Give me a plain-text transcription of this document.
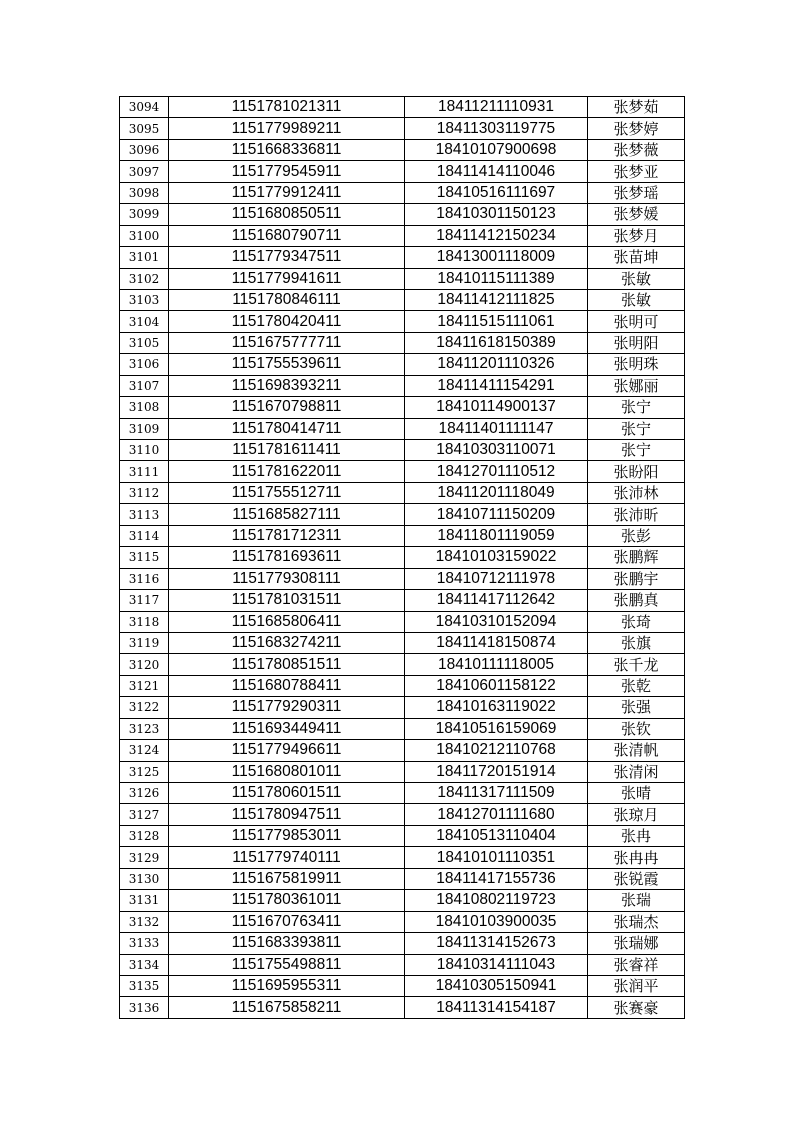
3094	1151781021311	18411211110931	张梦茹
3095	1151779989211	18411303119775	张梦婷
3096	1151668336811	18410107900698	张梦薇
3097	1151779545911	18411414110046	张梦亚
3098	1151779912411	18410516111697	张梦瑶
3099	1151680850511	18410301150123	张梦媛
3100	1151680790711	18411412150234	张梦月
3101	1151779347511	18413001118009	张苗坤
3102	1151779941611	18410115111389	张敏
3103	1151780846111	18411412111825	张敏
3104	1151780420411	18411515111061	张明可
3105	1151675777711	18411618150389	张明阳
3106	1151755539611	18411201110326	张明珠
3107	1151698393211	18411411154291	张娜丽
3108	1151670798811	18410114900137	张宁
3109	1151780414711	18411401111147	张宁
3110	1151781611411	18410303110071	张宁
3111	1151781622011	18412701110512	张盼阳
3112	1151755512711	18411201118049	张沛林
3113	1151685827111	18410711150209	张沛昕
3114	1151781712311	18411801119059	张彭
3115	1151781693611	18410103159022	张鹏辉
3116	1151779308111	18410712111978	张鹏宇
3117	1151781031511	18411417112642	张鹏真
3118	1151685806411	18410310152094	张琦
3119	1151683274211	18411418150874	张旗
3120	1151780851511	18410111118005	张千龙
3121	1151680788411	18410601158122	张乾
3122	1151779290311	18410163119022	张强
3123	1151693449411	18410516159069	张钦
3124	1151779496611	18410212110768	张清帆
3125	1151680801011	18411720151914	张清闲
3126	1151780601511	18411317111509	张晴
3127	1151780947511	18412701111680	张琼月
3128	1151779853011	18410513110404	张冉
3129	1151779740111	18410101110351	张冉冉
3130	1151675819911	18411417155736	张锐霞
3131	1151780361011	18410802119723	张瑞
3132	1151670763411	18410103900035	张瑞杰
3133	1151683393811	18411314152673	张瑞娜
3134	1151755498811	18410314111043	张睿祥
3135	1151695955311	18410305150941	张润平
3136	1151675858211	18411314154187	张赛豪
